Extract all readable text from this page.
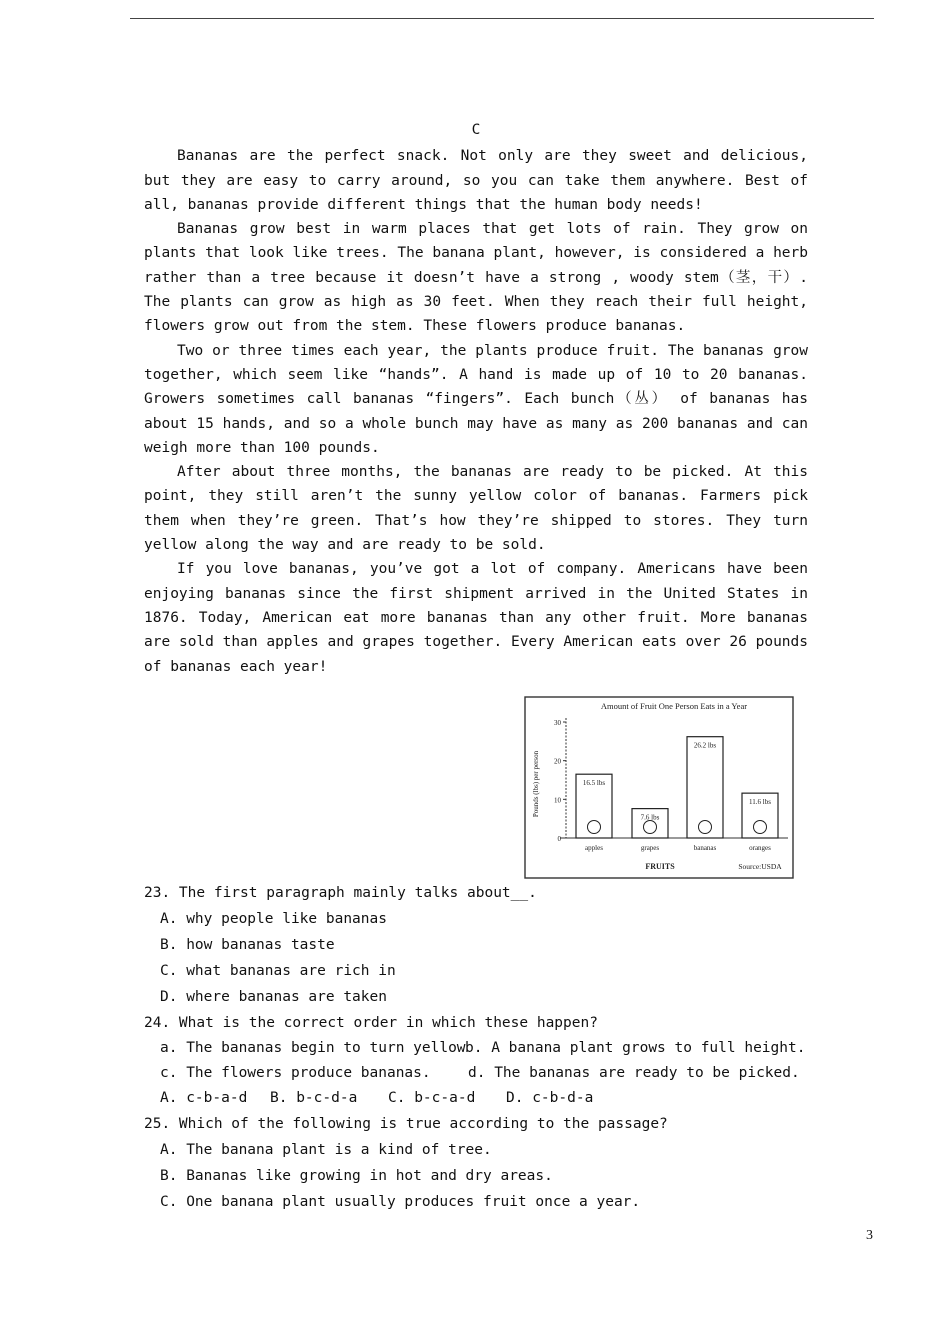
C

Bananas are the perfect snack. Not only are they sweet and delicious, but they are easy to carry around, so you can take them anywhere. Best of all, bananas provide different things that the human body needs!

Bananas grow best in warm places that get lots of rain. They grow on plants that look like trees. The banana plant, however, is considered a herb rather than a tree because it doesn’t have a strong , woody stem（茎，干）. The plants can grow as high as 30 feet. When they reach their full height, flowers grow out from the stem. These flowers produce bananas.

Two or three times each year, the plants produce fruit. The bananas grow together, which seem like “hands”. A hand is made up of 10 to 20 bananas. Growers sometimes call bananas “fingers”. Each bunch（丛） of bananas has about 15 hands, and so a whole bunch may have as many as 200 bananas and can weigh more than 100 pounds.

After about three months, the bananas are ready to be picked. At this point, they still aren’t the sunny yellow color of bananas. Farmers pick them when they’re green. That’s how they’re shipped to stores. They turn yellow along the way and are ready to be sold.

If you love bananas, you’ve got a lot of company. Americans have been enjoying bananas since the first shipment arrived in the United States in 1876. Today, American eat more bananas than any other fruit. More bananas are sold than apples and grapes together. Every American eats over 26 pounds of bananas each year!

Amount of Fruit One Person Eats in a Year
Pounds (lbs) per person
0
10
20
30
16.5 lbs
apples
7.6 lbs
grapes
26.2 lbs
bananas
11.6 lbs
oranges
FRUITS	Source:USDA

23. The first paragraph mainly talks about__.

A. why people like bananas

B. how bananas taste

C. what bananas are rich in

D. where bananas are taken

24. What is the correct order in which these happen?

a. The bananas begin to turn yellow b. A banana plant grows to full height.
c. The flowers produce bananas.	d. The bananas are ready to be picked.
A. c-b-a-d B. b-c-d-a C. b-c-a-d D. c-b-d-a

25. Which of the following is true according to the passage?

A. The banana plant is a kind of tree.

B. Bananas like growing in hot and dry areas.

C. One banana plant usually produces fruit once a year.

3
